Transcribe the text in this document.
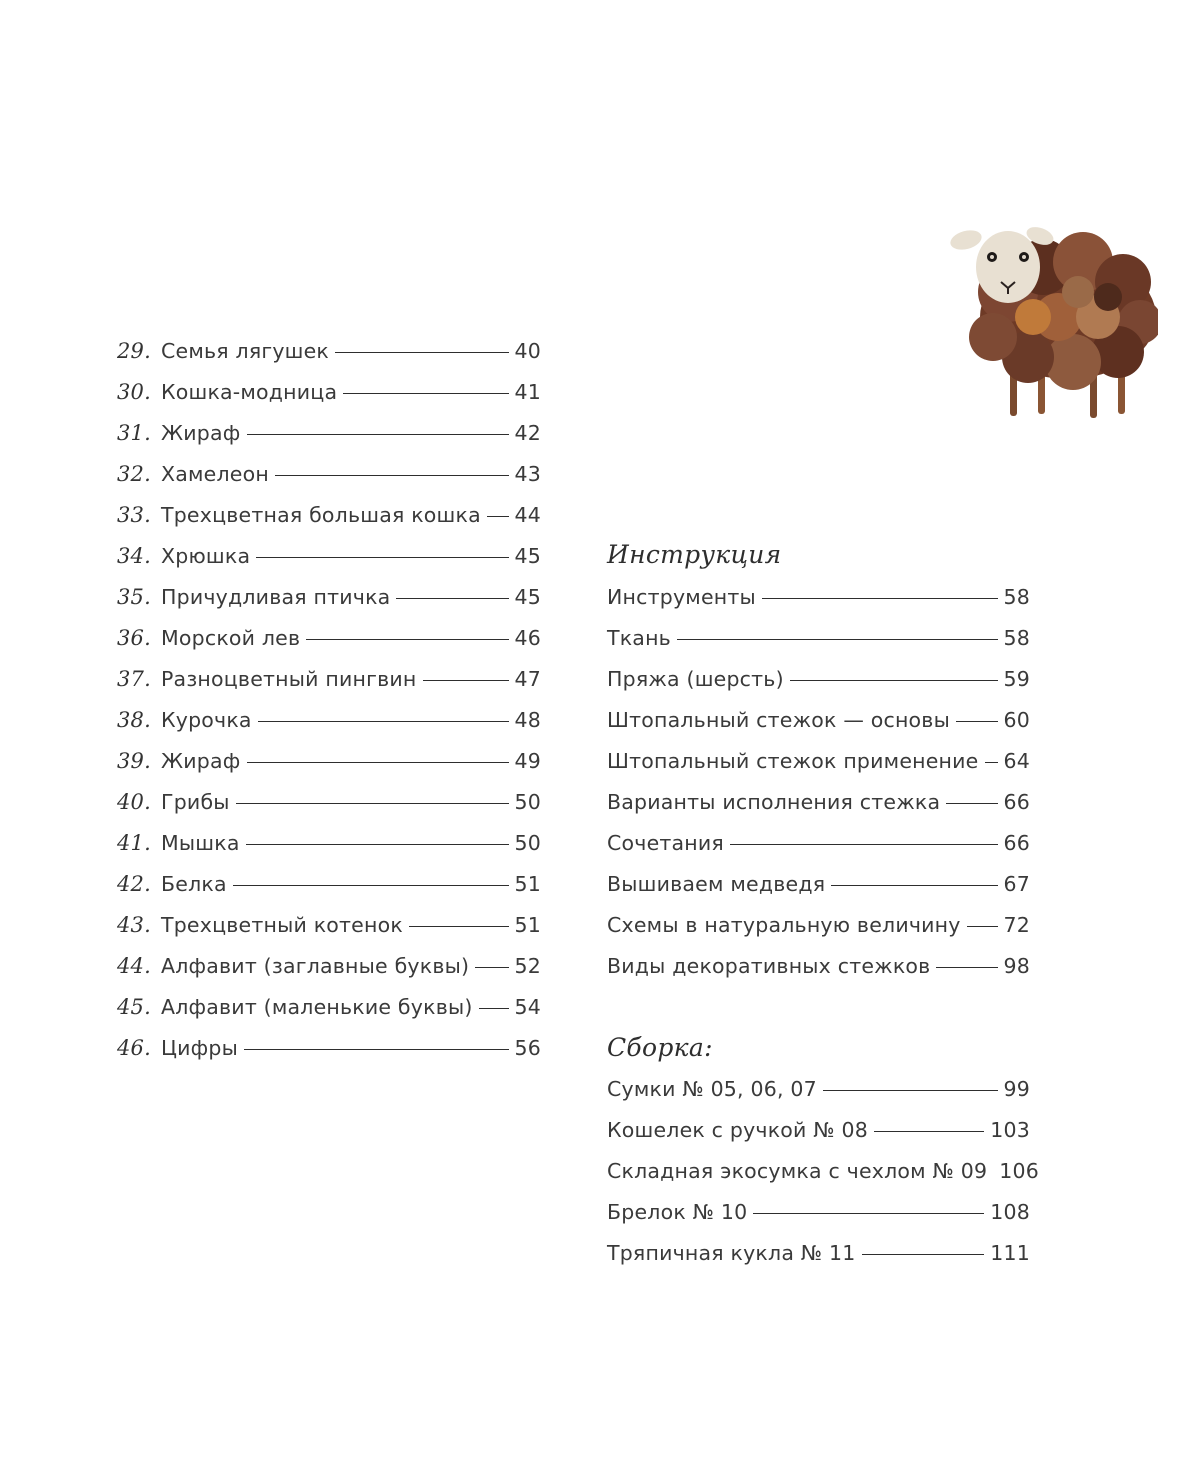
29. Семья лягушек	40
30. Кошка-модница	41
31. Жираф	42
32. Хамелеон	43
33. Трехцветная большая кошка 44
34. Хрюшка	45
35. Причудливая птичка	45
36. Морской лев	46
37. Разноцветный пингвин	47
38. Курочка	48
39. Жираф	49
40. Грибы	50
41. Мышка	50
42. Белка	51
43. Трехцветный котенок	51
44. Алфавит (заглавные буквы) 52
45. Алфавит (маленькие буквы) 54
46. Цифры	56
Инструкция
Инструменты	58
Ткань	58
Пряжа (шерсть)	59
Штопальный стежок — основы	60
Штопальный стежок применение 64
Варианты исполнения стежка	66
Сочетания	66
Вышиваем медведя	67
Схемы в натуральную величину 72
Виды декоративных стежков	98
Сборка:
Сумки № 05, 06, 07	99
Кошелек с ручкой № 08	103
Складная экосумка с чехлом № 09 106
Брелок № 10	108
Тряпичная кукла № 11	111
